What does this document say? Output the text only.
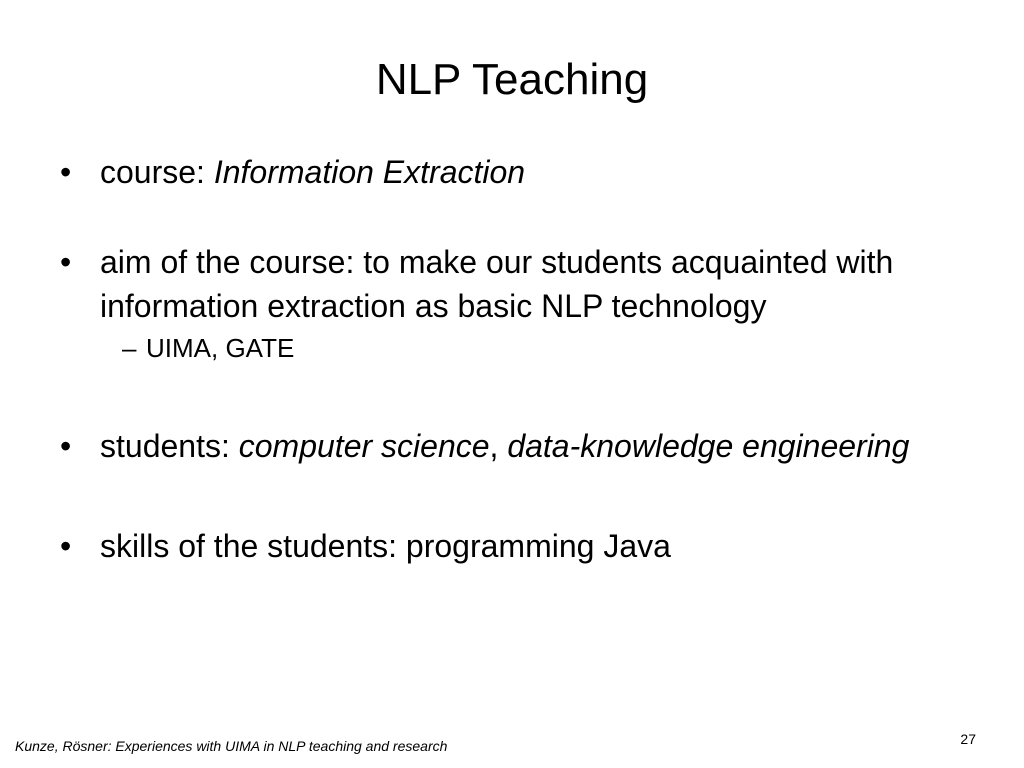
NLP Teaching
• course: Information Extraction
• aim of the course: to make our students acquainted with information extraction as basic NLP technology
– UIMA, GATE
• students: computer science, data-knowledge engineering
• skills of the students: programming Java
Kunze, Rösner: Experiences with UIMA in NLP teaching and research	27
